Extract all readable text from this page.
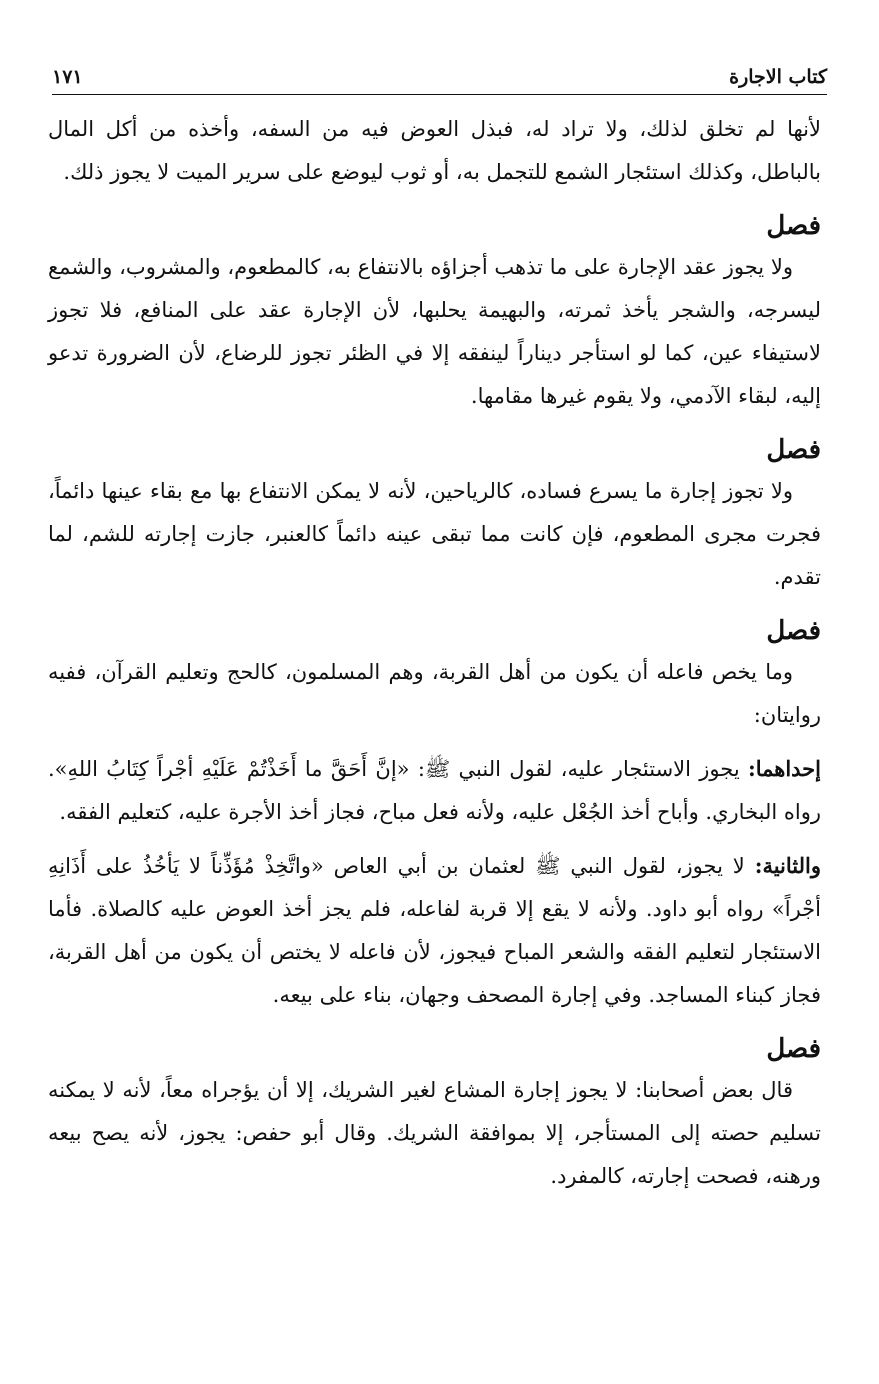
كتاب الاجارة
١٧١

لأنها لم تخلق لذلك، ولا تراد له، فبذل العوض فيه من السفه، وأخذه من أكل المال بالباطل، وكذلك استئجار الشمع للتجمل به، أو ثوب ليوضع على سرير الميت لا يجوز ذلك.

فصل

ولا يجوز عقد الإجارة على ما تذهب أجزاؤه بالانتفاع به، كالمطعوم، والمشروب، والشمع ليسرجه، والشجر يأخذ ثمرته، والبهيمة يحلبها، لأن الإجارة عقد على المنافع، فلا تجوز لاستيفاء عين، كما لو استأجر ديناراً لينفقه إلا في الظئر تجوز للرضاع، لأن الضرورة تدعو إليه، لبقاء الآدمي، ولا يقوم غيرها مقامها.

فصل

ولا تجوز إجارة ما يسرع فساده، كالرياحين، لأنه لا يمكن الانتفاع بها مع بقاء عينها دائماً، فجرت مجرى المطعوم، فإن كانت مما تبقى عينه دائماً كالعنبر، جازت إجارته للشم، لما تقدم.

فصل

وما يخص فاعله أن يكون من أهل القربة، وهم المسلمون، كالحج وتعليم القرآن، ففيه روايتان:

إحداهما: يجوز الاستئجار عليه، لقول النبي ﷺ: «إنَّ أَحَقَّ ما أَخَذْتُمْ عَلَيْهِ أجْراً كِتَابُ اللهِ». رواه البخاري. وأباح أخذ الجُعْل عليه، ولأنه فعل مباح، فجاز أخذ الأجرة عليه، كتعليم الفقه.

والثانية: لا يجوز، لقول النبي ﷺ لعثمان بن أبي العاص «واتَّخِذْ مُؤَذِّناً لا يَأخُذُ على أَذَانِهِ أجْراً» رواه أبو داود. ولأنه لا يقع إلا قربة لفاعله، فلم يجز أخذ العوض عليه كالصلاة. فأما الاستئجار لتعليم الفقه والشعر المباح فيجوز، لأن فاعله لا يختص أن يكون من أهل القربة، فجاز كبناء المساجد. وفي إجارة المصحف وجهان، بناء على بيعه.

فصل

قال بعض أصحابنا: لا يجوز إجارة المشاع لغير الشريك، إلا أن يؤجراه معاً، لأنه لا يمكنه تسليم حصته إلى المستأجر، إلا بموافقة الشريك. وقال أبو حفص: يجوز، لأنه يصح بيعه ورهنه، فصحت إجارته، كالمفرد.
